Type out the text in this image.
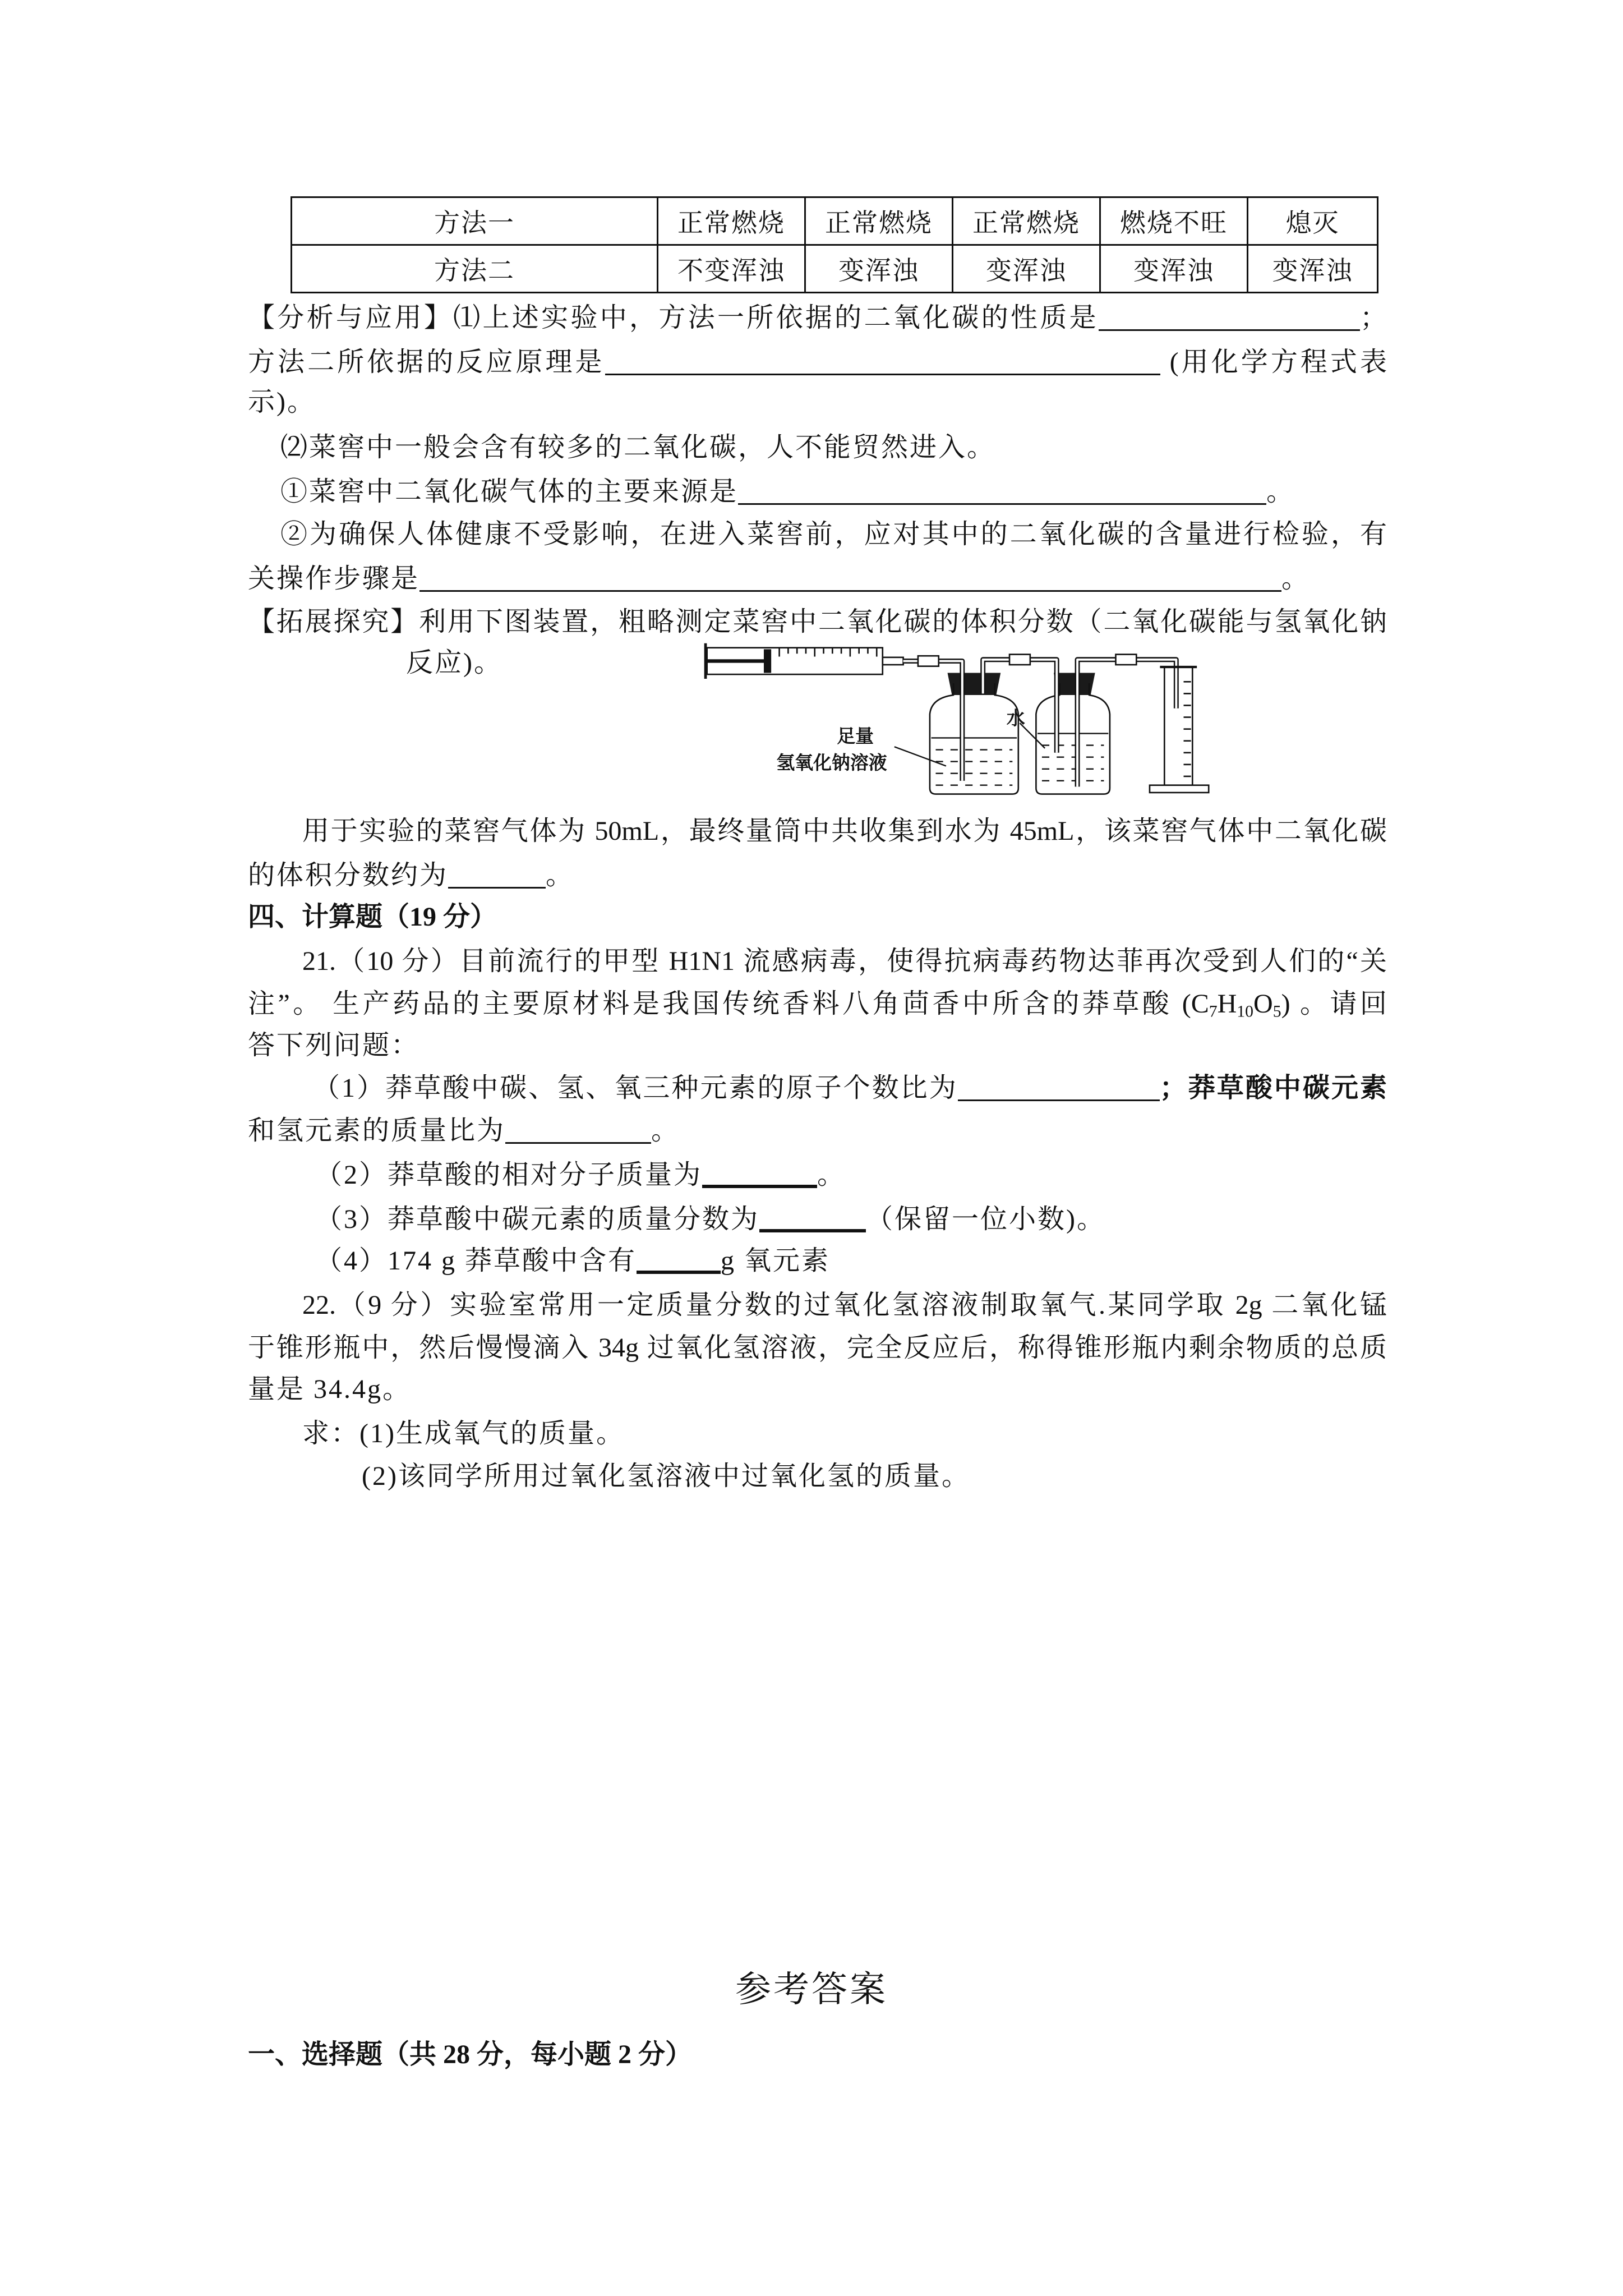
方法一	正常燃烧	正常燃烧	正常燃烧	燃烧不旺	熄灭
方法二	不变浑浊	变浑浊	变浑浊	变浑浊	变浑浊
【分析与应用】⑴上述实验中，方法一所依据的二氧化碳的性质是	；
方法二所依据的反应原理是	(用化学方程式表
示)。
⑵菜窖中一般会含有较多的二氧化碳，人不能贸然进入。
①菜窖中二氧化碳气体的主要来源是	。
②为确保人体健康不受影响，在进入菜窖前，应对其中的二氧化碳的含量进行检验，有
关操作步骤是	。
【拓展探究】利用下图装置，粗略测定菜窖中二氧化碳的体积分数（二氧化碳能与氢氧化钠
反应)。
足量
氢氧化钠溶液
水
用于实验的菜窖气体为 50mL，最终量筒中共收集到水为 45mL，该菜窖气体中二氧化碳
的体积分数约为	。
四、计算题（19 分）
21.（10 分）目前流行的甲型 H1N1 流感病毒，使得抗病毒药物达菲再次受到人们的“关
注”。 生产药品的主要原材料是我国传统香料八角茴香中所含的莽草酸 $(C_7H_{10}O_5)$ 。请回
答下列问题：
（1）莽草酸中碳、氢、氧三种元素的原子个数比为	；莽草酸中碳元素
和氢元素的质量比为	。
（2）莽草酸的相对分子质量为	。
（3）莽草酸中碳元素的质量分数为	（保留一位小数)。
（4）174 g 莽草酸中含有	g 氧元素
22.（9 分）实验室常用一定质量分数的过氧化氢溶液制取氧气.某同学取 2g 二氧化锰
于锥形瓶中，然后慢慢滴入 34g 过氧化氢溶液，完全反应后，称得锥形瓶内剩余物质的总质
量是 34.4g。
求：(1)生成氧气的质量。
(2)该同学所用过氧化氢溶液中过氧化氢的质量。
参考答案
一、选择题（共 28 分，每小题 2 分）
